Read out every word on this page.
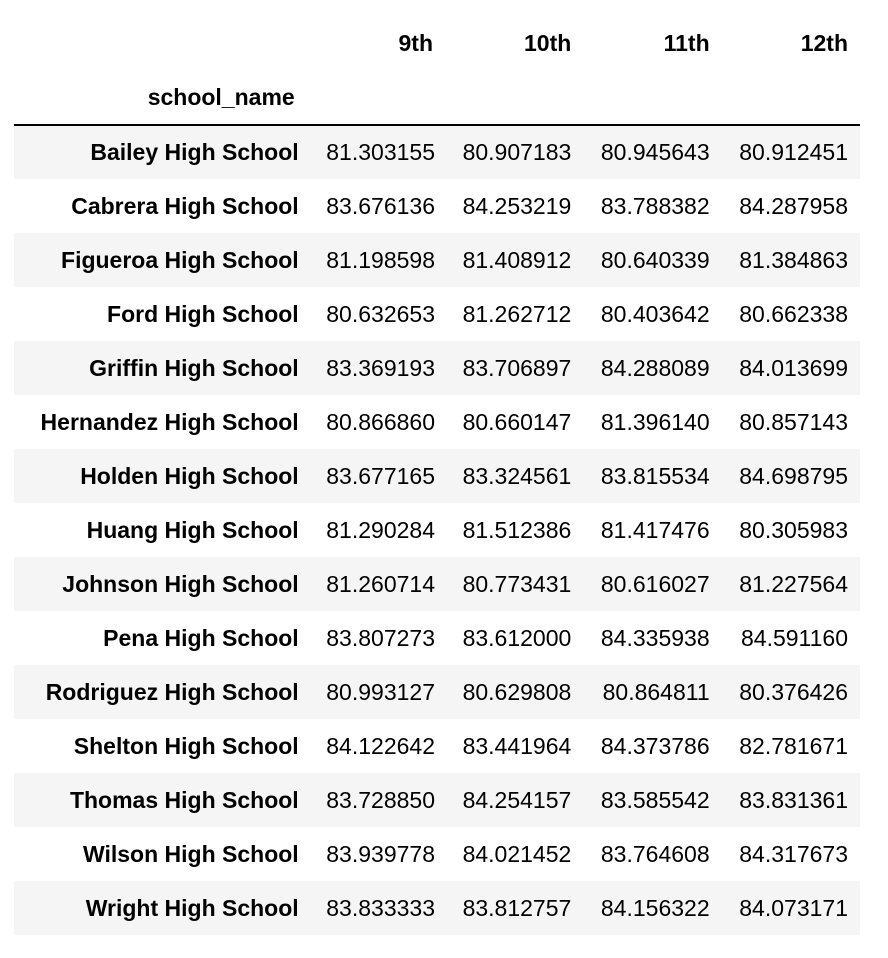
	9th	10th	11th	12th
school_name				
Bailey High School	81.303155	80.907183	80.945643	80.912451
Cabrera High School	83.676136	84.253219	83.788382	84.287958
Figueroa High School	81.198598	81.408912	80.640339	81.384863
Ford High School	80.632653	81.262712	80.403642	80.662338
Griffin High School	83.369193	83.706897	84.288089	84.013699
Hernandez High School	80.866860	80.660147	81.396140	80.857143
Holden High School	83.677165	83.324561	83.815534	84.698795
Huang High School	81.290284	81.512386	81.417476	80.305983
Johnson High School	81.260714	80.773431	80.616027	81.227564
Pena High School	83.807273	83.612000	84.335938	84.591160
Rodriguez High School	80.993127	80.629808	80.864811	80.376426
Shelton High School	84.122642	83.441964	84.373786	82.781671
Thomas High School	83.728850	84.254157	83.585542	83.831361
Wilson High School	83.939778	84.021452	83.764608	84.317673
Wright High School	83.833333	83.812757	84.156322	84.073171
